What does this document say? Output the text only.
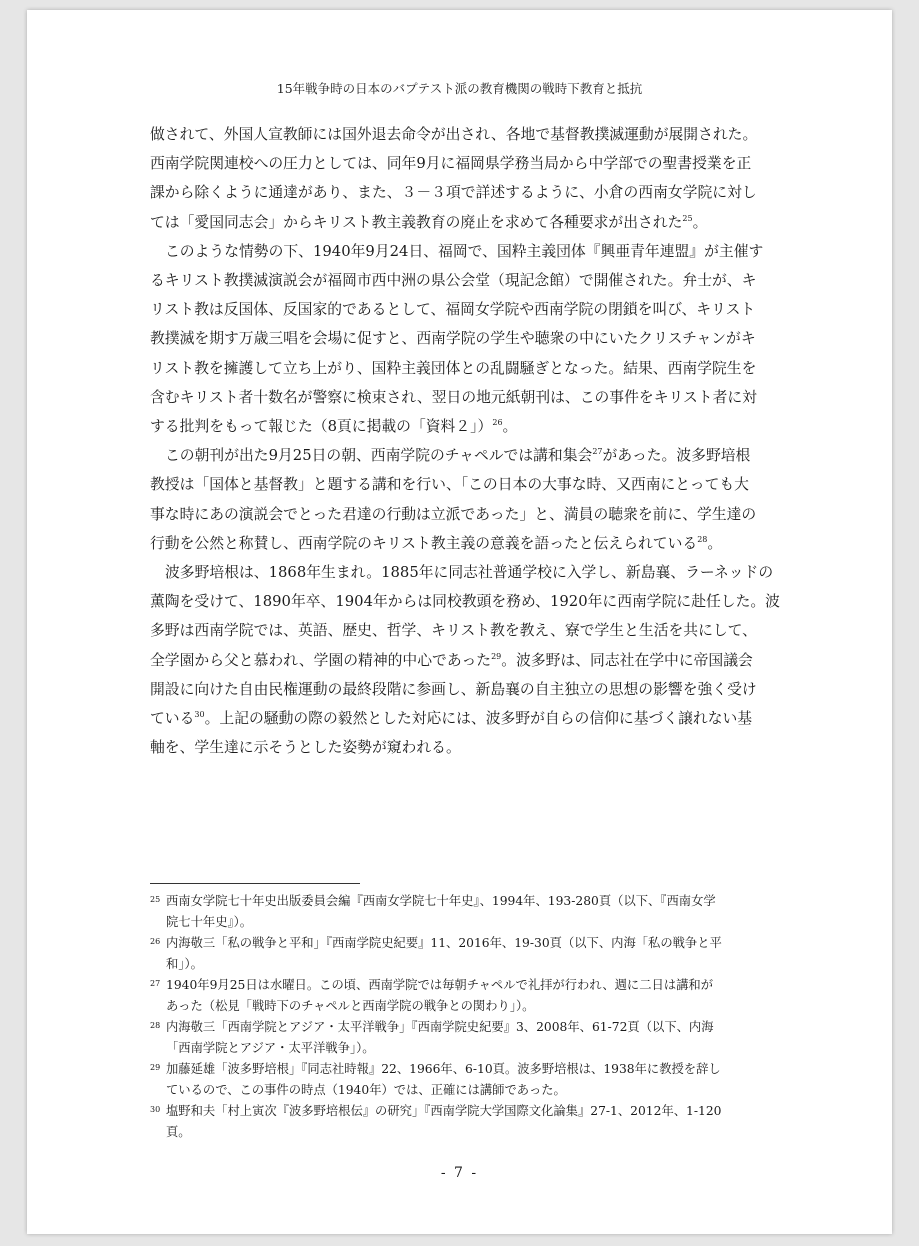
15年戦争時の日本のバプテスト派の教育機関の戦時下教育と抵抗

做されて、外国人宣教師には国外退去命令が出され、各地で基督教撲滅運動が展開された。

西南学院関連校への圧力としては、同年9月に福岡県学務当局から中学部での聖書授業を正

課から除くように通達があり、また、３－３項で詳述するように、小倉の西南女学院に対し

ては「愛国同志会」からキリスト教主義教育の廃止を求めて各種要求が出された$^{25}$。

このような情勢の下、1940年9月24日、福岡で、国粋主義団体『興亜青年連盟』が主催す

るキリスト教撲滅演説会が福岡市西中洲の県公会堂（現記念館）で開催された。弁士が、キ

リスト教は反国体、反国家的であるとして、福岡女学院や西南学院の閉鎖を叫び、キリスト

教撲滅を期す万歳三唱を会場に促すと、西南学院の学生や聴衆の中にいたクリスチャンがキ

リスト教を擁護して立ち上がり、国粋主義団体との乱闘騒ぎとなった。結果、西南学院生を

含むキリスト者十数名が警察に検束され、翌日の地元紙朝刊は、この事件をキリスト者に対

する批判をもって報じた（8頁に掲載の「資料２」）$^{26}$。

この朝刊が出た9月25日の朝、西南学院のチャペルでは講和集会$^{27}$があった。波多野培根

教授は「国体と基督教」と題する講和を行い、「この日本の大事な時、又西南にとっても大

事な時にあの演説会でとった君達の行動は立派であった」と、満員の聴衆を前に、学生達の

行動を公然と称賛し、西南学院のキリスト教主義の意義を語ったと伝えられている$^{28}$。

波多野培根は、1868年生まれ。1885年に同志社普通学校に入学し、新島襄、ラーネッドの

薫陶を受けて、1890年卒、1904年からは同校教頭を務め、1920年に西南学院に赴任した。波

多野は西南学院では、英語、歴史、哲学、キリスト教を教え、寮で学生と生活を共にして、

全学園から父と慕われ、学園の精神的中心であった$^{29}$。波多野は、同志社在学中に帝国議会

開設に向けた自由民権運動の最終段階に参画し、新島襄の自主独立の思想の影響を強く受け

ている$^{30}$。上記の騒動の際の毅然とした対応には、波多野が自らの信仰に基づく譲れない基

軸を、学生達に示そうとした姿勢が窺われる。

25 西南女学院七十年史出版委員会編『西南女学院七十年史』、1994年、193-280頁（以下、『西南女学
院七十年史』）。
26 内海敬三「私の戦争と平和」『西南学院史紀要』11、2016年、19-30頁（以下、内海「私の戦争と平
和」）。
27 1940年9月25日は水曜日。この頃、西南学院では毎朝チャペルで礼拝が行われ、週に二日は講和が
あった（松見「戦時下のチャペルと西南学院の戦争との関わり」）。
28 内海敬三「西南学院とアジア・太平洋戦争」『西南学院史紀要』3、2008年、61-72頁（以下、内海
「西南学院とアジア・太平洋戦争」）。
29 加藤延雄「波多野培根」『同志社時報』22、1966年、6-10頁。波多野培根は、1938年に教授を辞し
ているので、この事件の時点（1940年）では、正確には講師であった。
30 塩野和夫「村上寅次『波多野培根伝』の研究」『西南学院大学国際文化論集』27-1、2012年、1-120
頁。
- 7 -
